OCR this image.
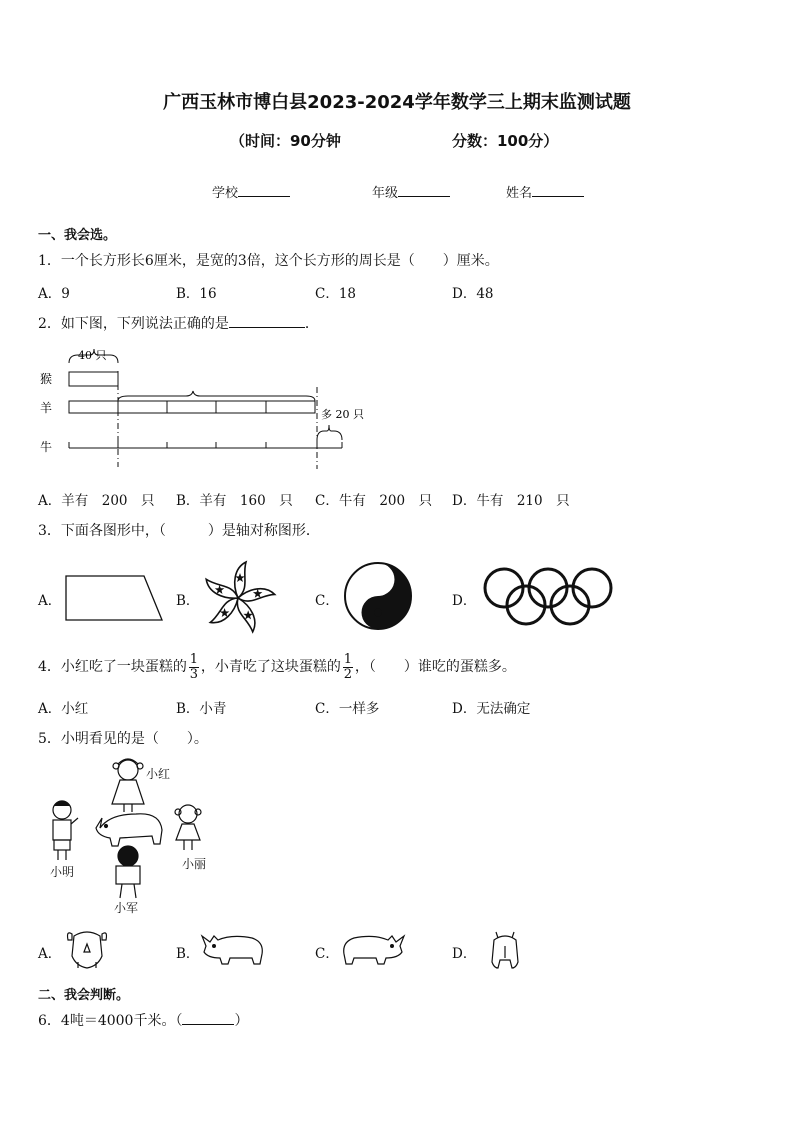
广西玉林市博白县2023-2024学年数学三上期末监测试题
（时间：90分钟	分数：100分）
学校	年级	姓名
一、我会选。
1．一个长方形长6厘米，是宽的3倍，这个长方形的周长是（　　）厘米。
A．9	B．16	C．18	D．48
2．如下图，下列说法正确的是	．
猴
羊
牛
40 只
多 20 只
A．羊有　200　只 B．羊有　160　只 C．牛有　200　只 D．牛有　210　只
3．下面各图形中，（　　　）是轴对称图形．
A．	B．	C．	D．
4．小红吃了一块蛋糕的 $\frac{1}{3}$ ，小青吃了这块蛋糕的 $\frac{1}{2}$ ，（　　）谁吃的蛋糕多。
A．小红	B．小青	C．一样多	D．无法确定
5．小明看见的是（　　）。
小红
小明
小丽
小军
A．	B．	C．	D．
二、我会判断。
6．4吨＝4000千米。（	）
